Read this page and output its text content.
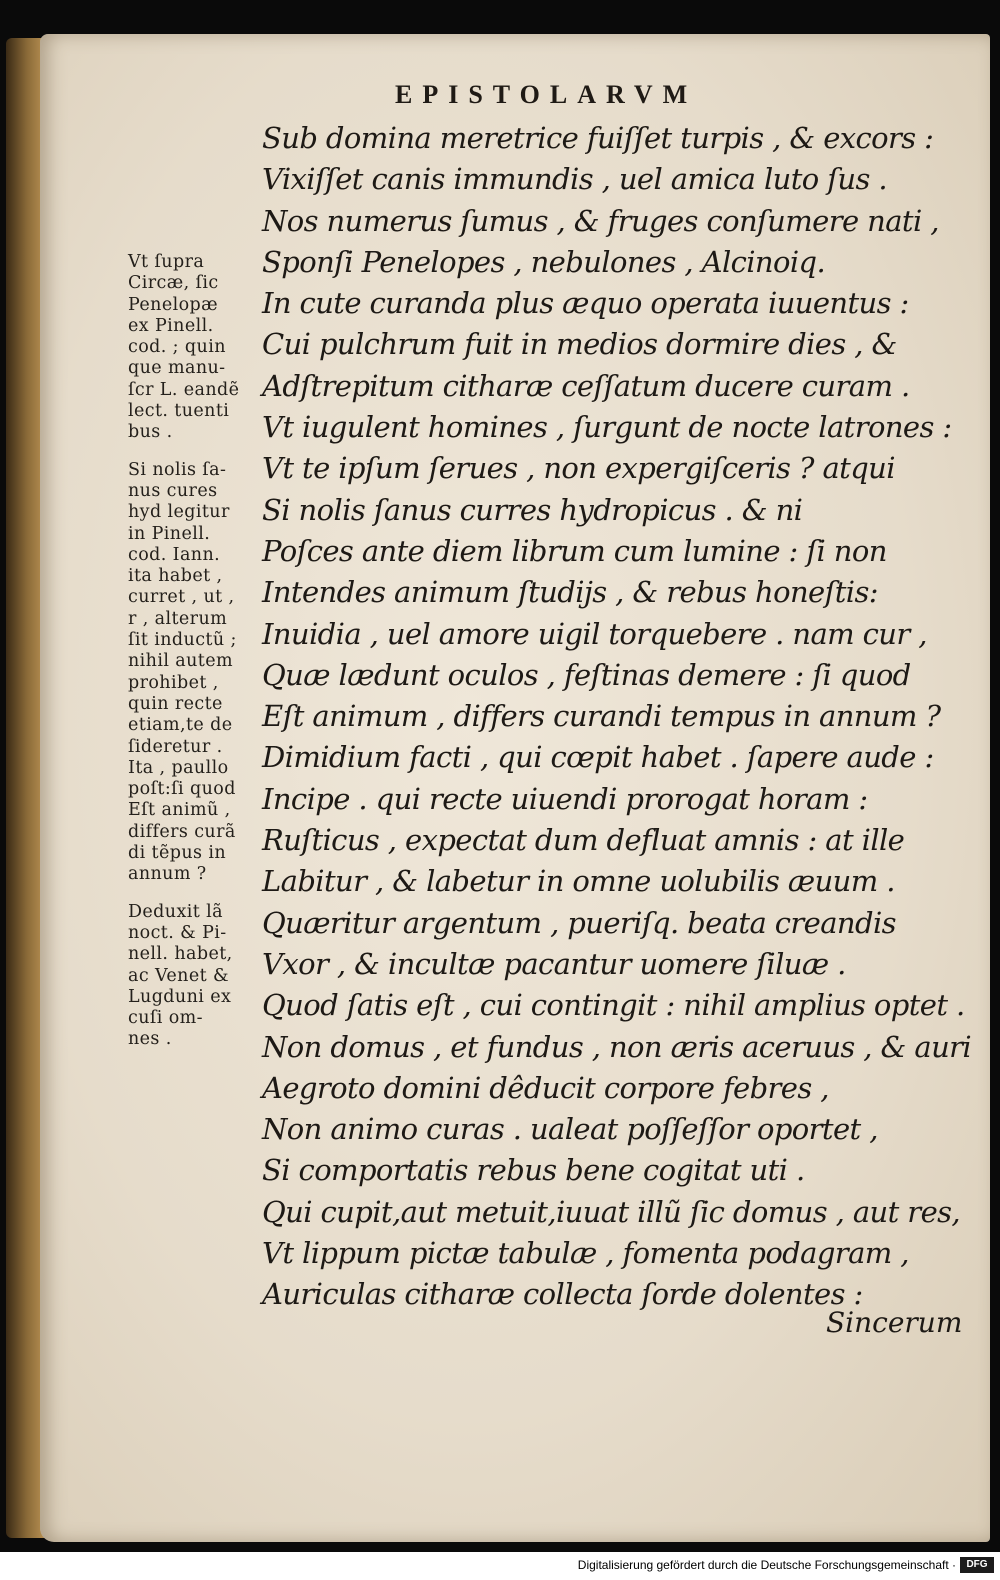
EPISTOLARVM
Vt ſupra
Circæ, ſic
Penelopæ
ex Pinell.
cod. ; quin
que manu-
ſcr L. eandẽ
lect. tuenti
bus .
Si nolis ſa-
nus cures
hyd legitur
in Pinell.
cod. Iann.
ita habet ,
curret , ut ,
r , alterum
ſit inductũ ;
nihil autem
prohibet ,
quin recte
etiam,te de
ſideretur .
Ita , paullo
poſt:ſi quod
Eſt animũ ,
differs curã
di tẽpus in
annum ?
Deduxit lã
noct. & Pi-
nell. habet,
ac Venet &
Lugduni ex
cuſi om-
nes .
Sub domina meretrice fuiſſet turpis , & excors :
Vixiſſet canis immundis , uel amica luto ſus .
Nos numerus ſumus , & fruges conſumere nati ,
Sponſi Penelopes , nebulones , Alcinoiq.
In cute curanda plus æquo operata iuuentus :
Cui pulchrum fuit in medios dormire dies , &
Adſtrepitum citharæ ceſſatum ducere curam .
Vt iugulent homines , ſurgunt de nocte latrones :
Vt te ipſum ſerues , non expergiſceris ? atqui
Si nolis ſanus curres hydropicus . & ni
Poſces ante diem librum cum lumine : ſi non
Intendes animum ſtudijs , & rebus honeſtis:
Inuidia , uel amore uigil torquebere . nam cur ,
Quæ lædunt oculos , feſtinas demere : ſi quod
Eſt animum , differs curandi tempus in annum ?
Dimidium facti , qui cœpit habet . ſapere aude :
Incipe . qui recte uiuendi prorogat horam :
Ruſticus , expectat dum defluat amnis : at ille
Labitur , & labetur in omne uolubilis æuum .
Quæritur argentum , pueriſq. beata creandis
Vxor , & incultæ pacantur uomere ſiluæ .
Quod ſatis eſt , cui contingit : nihil amplius optet .
Non domus , et fundus , non æris aceruus , & auri
Aegroto domini dêducit corpore febres ,
Non animo curas . ualeat poſſeſſor oportet ,
Si comportatis rebus bene cogitat uti .
Qui cupit,aut metuit,iuuat illũ ſic domus , aut res,
Vt lippum pictæ tabulæ , fomenta podagram ,
Auriculas citharæ collecta ſorde dolentes :
Sincerum
Digitalisierung gefördert durch die Deutsche Forschungsgemeinschaft ·	DFG
